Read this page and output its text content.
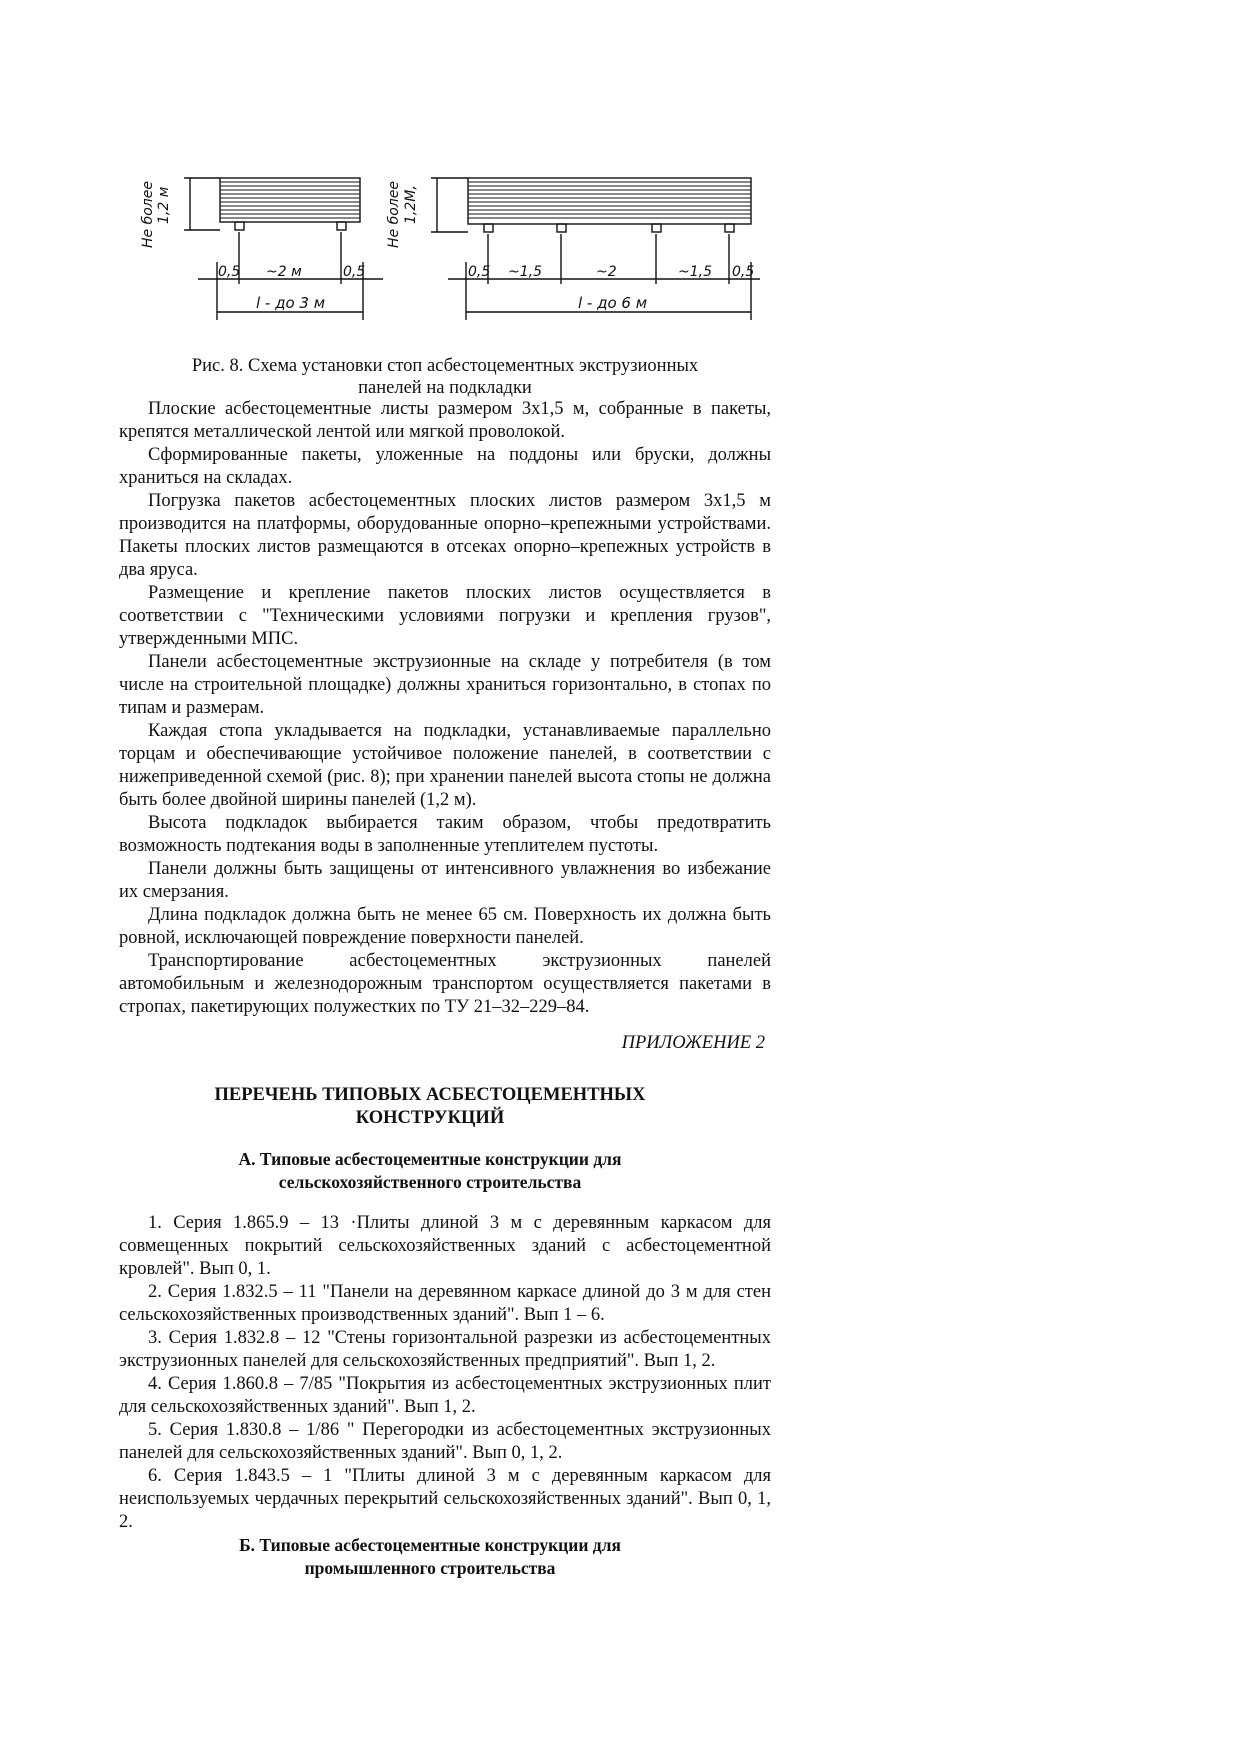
Не более 1,2 м
0,5 ~2 м	0,5
l - до 3 м
Не более 1,2М,
0,5 ~1,5	~2	~1,5 0,5
l - до 6 м
Рис. 8. Схема установки стоп асбестоцементных экструзионных
панелей на подкладки

Плоские асбестоцементные листы размером 3х1,5 м, собранные в пакеты, крепятся металлической лентой или мягкой проволокой.

Сформированные пакеты, уложенные на поддоны или бруски, должны храниться на складах.

Погрузка пакетов асбестоцементных плоских листов размером 3х1,5 м производится на платформы, оборудованные опорно–крепежными устройствами. Пакеты плоских листов размещаются в отсеках опорно–крепежных устройств в два яруса.

Размещение и крепление пакетов плоских листов осуществляется в соответствии с "Техническими условиями погрузки и крепления грузов", утвержденными МПС.

Панели асбестоцементные экструзионные на складе у потребителя (в том числе на строительной площадке) должны храниться горизонтально, в стопах по типам и размерам.

Каждая стопа укладывается на подкладки, устанавливаемые параллельно торцам и обеспечивающие устойчивое положение панелей, в соответствии с нижеприведенной схемой (рис. 8); при хранении панелей высота стопы не должна быть более двойной ширины панелей (1,2 м).

Высота подкладок выбирается таким образом, чтобы предотвратить возможность подтекания воды в заполненные утеплителем пустоты.

Панели должны быть защищены от интенсивного увлажнения во избежание их смерзания.

Длина подкладок должна быть не менее 65 см. Поверхность их должна быть ровной, исключающей повреждение поверхности панелей.

Транспортирование асбестоцементных экструзионных панелей автомобильным и железнодорожным транспортом осуществляется пакетами в стропах, пакетирующих полужестких по ТУ 21–32–229–84.

ПРИЛОЖЕНИЕ 2
ПЕРЕЧЕНЬ ТИПОВЫХ АСБЕСТОЦЕМЕНТНЫХ
КОНСТРУКЦИЙ
А. Типовые асбестоцементные конструкции для
сельскохозяйственного строительства

1. Серия 1.865.9 – 13 ·Плиты длиной 3 м с деревянным каркасом для совмещенных покрытий сельскохозяйственных зданий с асбестоцементной кровлей". Вып 0, 1.

2. Серия 1.832.5 – 11 "Панели на деревянном каркасе длиной до 3 м для стен сельскохозяйственных производственных зданий". Вып 1 – 6.

3. Серия 1.832.8 – 12 "Стены горизонтальной разрезки из асбестоцементных экструзионных панелей для сельскохозяйственных предприятий". Вып 1, 2.

4. Серия 1.860.8 – 7/85 "Покрытия из асбестоцементных экструзионных плит для сельскохозяйственных зданий". Вып 1, 2.

5. Серия 1.830.8 – 1/86 " Перегородки из асбестоцементных экструзионных панелей для сельскохозяйственных зданий". Вып 0, 1, 2.

6. Серия 1.843.5 – 1 "Плиты длиной 3 м с деревянным каркасом для неиспользуемых чердачных перекрытий сельскохозяйственных зданий". Вып 0, 1, 2.

Б. Типовые асбестоцементные конструкции для
промышленного строительства
